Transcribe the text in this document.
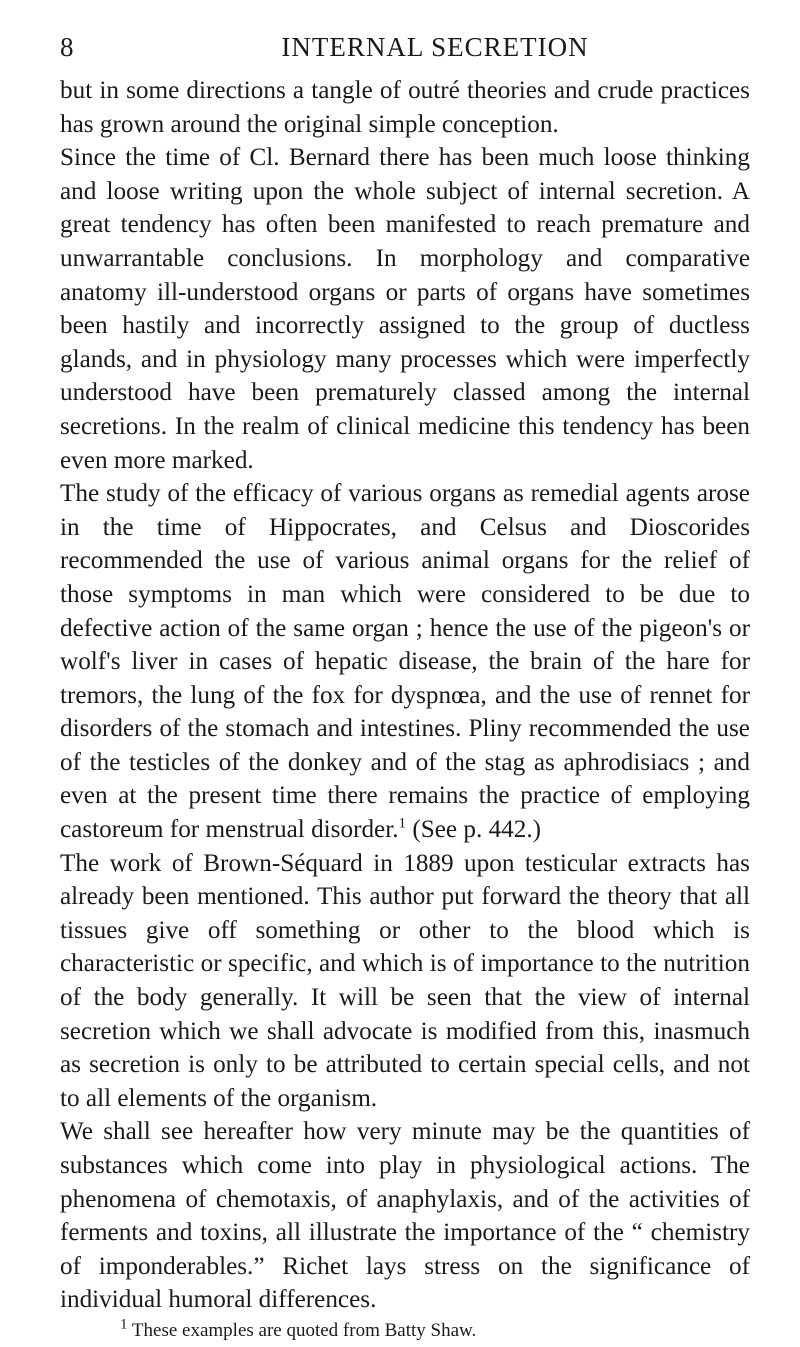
8	INTERNAL SECRETION

but in some directions a tangle of outré theories and crude practices has grown around the original simple conception.

Since the time of Cl. Bernard there has been much loose thinking and loose writing upon the whole subject of internal secretion. A great tendency has often been manifested to reach premature and unwarrantable conclusions. In morphology and comparative anatomy ill-understood organs or parts of organs have sometimes been hastily and incorrectly assigned to the group of ductless glands, and in physiology many processes which were imperfectly understood have been prematurely classed among the internal secretions. In the realm of clinical medicine this tendency has been even more marked.

The study of the efficacy of various organs as remedial agents arose in the time of Hippocrates, and Celsus and Dioscorides recommended the use of various animal organs for the relief of those symptoms in man which were considered to be due to defective action of the same organ ; hence the use of the pigeon's or wolf's liver in cases of hepatic disease, the brain of the hare for tremors, the lung of the fox for dyspnœa, and the use of rennet for disorders of the stomach and intestines. Pliny recommended the use of the testicles of the donkey and of the stag as aphrodisiacs ; and even at the present time there remains the practice of employing castoreum for menstrual disorder.$^1$ (See p. 442.)

The work of Brown-Séquard in 1889 upon testicular extracts has already been mentioned. This author put forward the theory that all tissues give off something or other to the blood which is characteristic or specific, and which is of importance to the nutrition of the body generally. It will be seen that the view of internal secretion which we shall advocate is modified from this, inasmuch as secretion is only to be attributed to certain special cells, and not to all elements of the organism.

We shall see hereafter how very minute may be the quantities of substances which come into play in physiological actions. The phenomena of chemotaxis, of anaphylaxis, and of the activities of ferments and toxins, all illustrate the importance of the “ chemistry of imponderables.” Richet lays stress on the significance of individual humoral differences.

$^1$ These examples are quoted from Batty Shaw.
